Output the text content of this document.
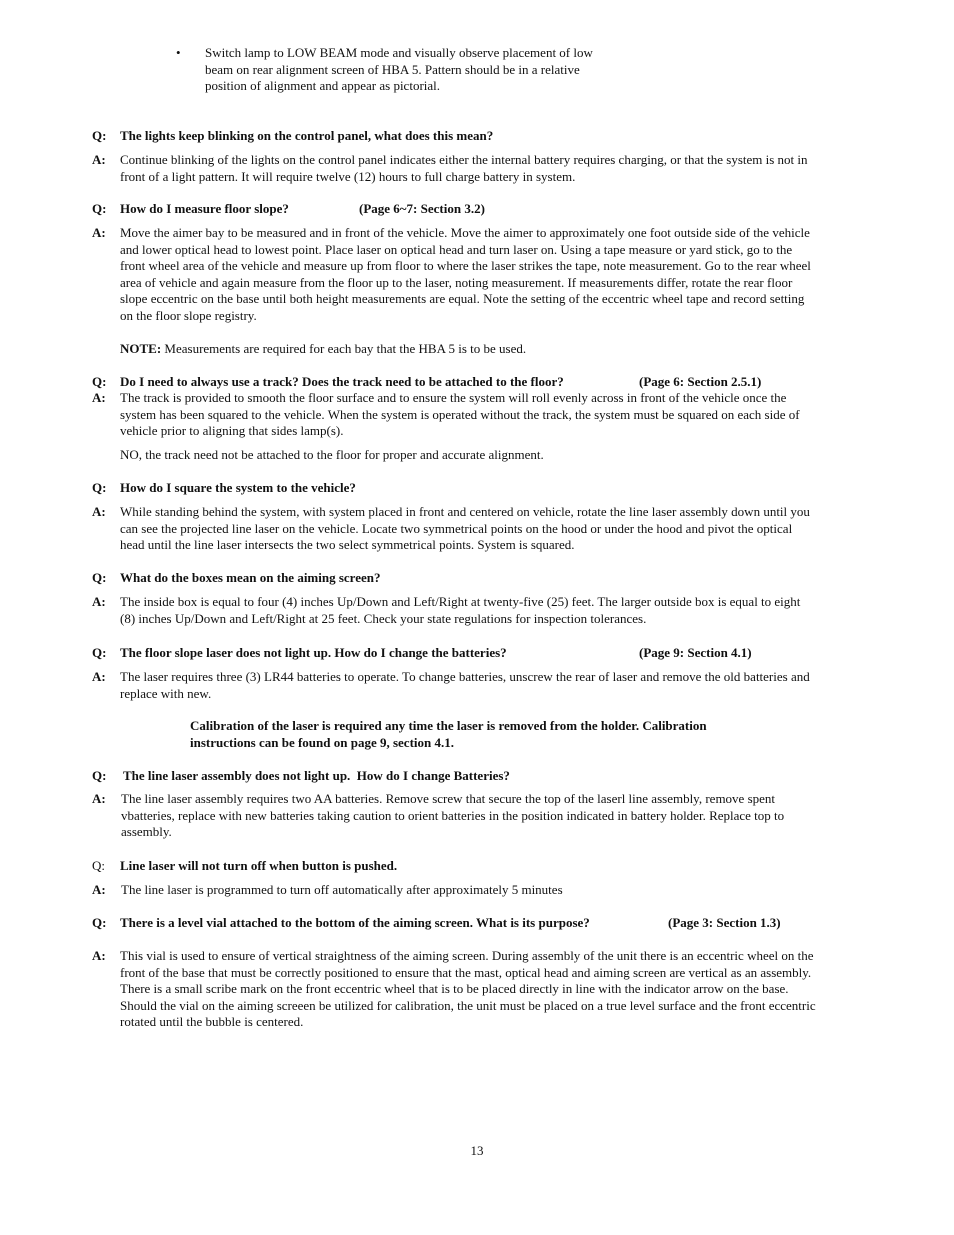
• Switch lamp to LOW BEAM mode and visually observe placement of low
beam on rear alignment screen of HBA 5. Pattern should be in a relative
position of alignment and appear as pictorial.
Q: The lights keep blinking on the control panel, what does this mean?
A: Continue blinking of the lights on the control panel indicates either the internal battery requires charging, or that the system is not in
front of a light pattern. It will require twelve (12) hours to full charge battery in system.
Q: How do I measure floor slope?	(Page 6~7: Section 3.2)
A: Move the aimer bay to be measured and in front of the vehicle. Move the aimer to approximately one foot outside side of the vehicle
and lower optical head to lowest point. Place laser on optical head and turn laser on. Using a tape measure or yard stick, go to the
front wheel area of the vehicle and measure up from floor to where the laser strikes the tape, note measurement. Go to the rear wheel
area of vehicle and again measure from the floor up to the laser, noting measurement. If measurements differ, rotate the rear floor
slope eccentric on the base until both height measurements are equal. Note the setting of the eccentric wheel tape and record setting
on the floor slope registry.
NOTE: Measurements are required for each bay that the HBA 5 is to be used.
Q: Do I need to always use a track? Does the track need to be attached to the floor?	(Page 6: Section 2.5.1)
A: The track is provided to smooth the floor surface and to ensure the system will roll evenly across in front of the vehicle once the
system has been squared to the vehicle. When the system is operated without the track, the system must be squared on each side of
vehicle prior to aligning that sides lamp(s).
NO, the track need not be attached to the floor for proper and accurate alignment.
Q: How do I square the system to the vehicle?
A: While standing behind the system, with system placed in front and centered on vehicle, rotate the line laser assembly down until you
can see the projected line laser on the vehicle. Locate two symmetrical points on the hood or under the hood and pivot the optical
head until the line laser intersects the two select symmetrical points. System is squared.
Q: What do the boxes mean on the aiming screen?
A: The inside box is equal to four (4) inches Up/Down and Left/Right at twenty-five (25) feet. The larger outside box is equal to eight
(8) inches Up/Down and Left/Right at 25 feet. Check your state regulations for inspection tolerances.
Q: The floor slope laser does not light up. How do I change the batteries?	(Page 9: Section 4.1)
A: The laser requires three (3) LR44 batteries to operate. To change batteries, unscrew the rear of laser and remove the old batteries and
replace with new.
Calibration of the laser is required any time the laser is removed from the holder. Calibration
instructions can be found on page 9, section 4.1.
Q: The line laser assembly does not light up.  How do I change Batteries?
A: The line laser assembly requires two AA batteries. Remove screw that secure the top of the laserl line assembly, remove spent
vbatteries, replace with new batteries taking caution to orient batteries in the position indicated in battery holder. Replace top to
assembly.
Q: Line laser will not turn off when button is pushed.
A: The line laser is programmed to turn off automatically after approximately 5 minutes
Q: There is a level vial attached to the bottom of the aiming screen. What is its purpose?	(Page 3: Section 1.3)
A: This vial is used to ensure of vertical straightness of the aiming screen. During assembly of the unit there is an eccentric wheel on the
front of the base that must be correctly positioned to ensure that the mast, optical head and aiming screen are vertical as an assembly.
There is a small scribe mark on the front eccentric wheel that is to be placed directly in line with the indicator arrow on the base.
Should the vial on the aiming screeen be utilized for calibration, the unit must be placed on a true level surface and the front eccentric
rotated until the bubble is centered.
13
